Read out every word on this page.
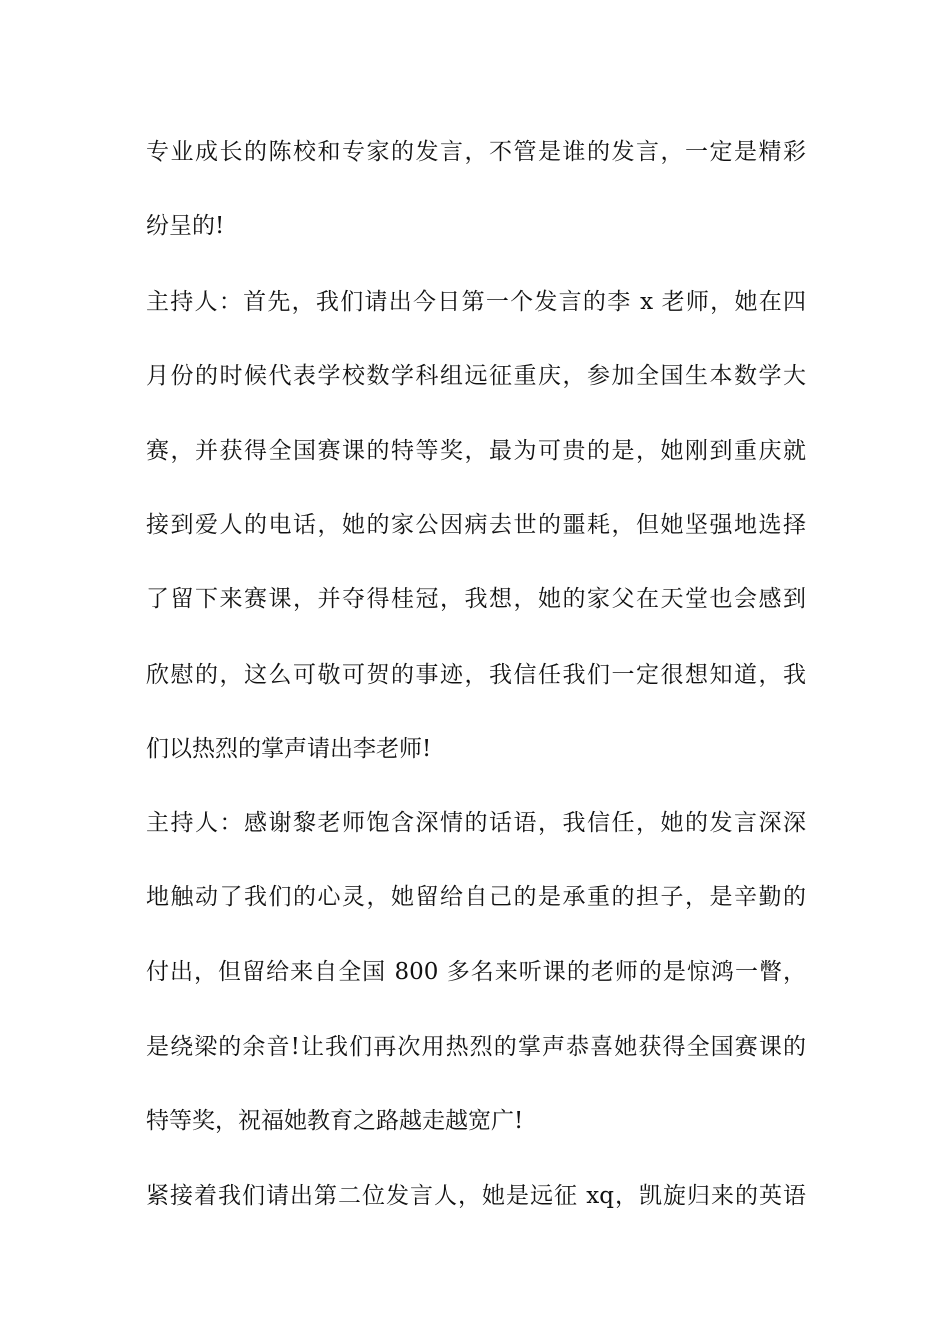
专业成长的陈校和专家的发言，不管是谁的发言，一定是精彩
纷呈的!
主持人：首先，我们请出今日第一个发言的李 x 老师，她在四
月份的时候代表学校数学科组远征重庆，参加全国生本数学大
赛，并获得全国赛课的特等奖，最为可贵的是，她刚到重庆就
接到爱人的电话，她的家公因病去世的噩耗，但她坚强地选择
了留下来赛课，并夺得桂冠，我想，她的家父在天堂也会感到
欣慰的，这么可敬可贺的事迹，我信任我们一定很想知道，我
们以热烈的掌声请出李老师!
主持人：感谢黎老师饱含深情的话语，我信任，她的发言深深
地触动了我们的心灵，她留给自己的是承重的担子，是辛勤的
付出，但留给来自全国 800 多名来听课的老师的是惊鸿一瞥，
是绕梁的余音!让我们再次用热烈的掌声恭喜她获得全国赛课的
特等奖，祝福她教育之路越走越宽广!
紧接着我们请出第二位发言人，她是远征 xq，凯旋归来的英语
